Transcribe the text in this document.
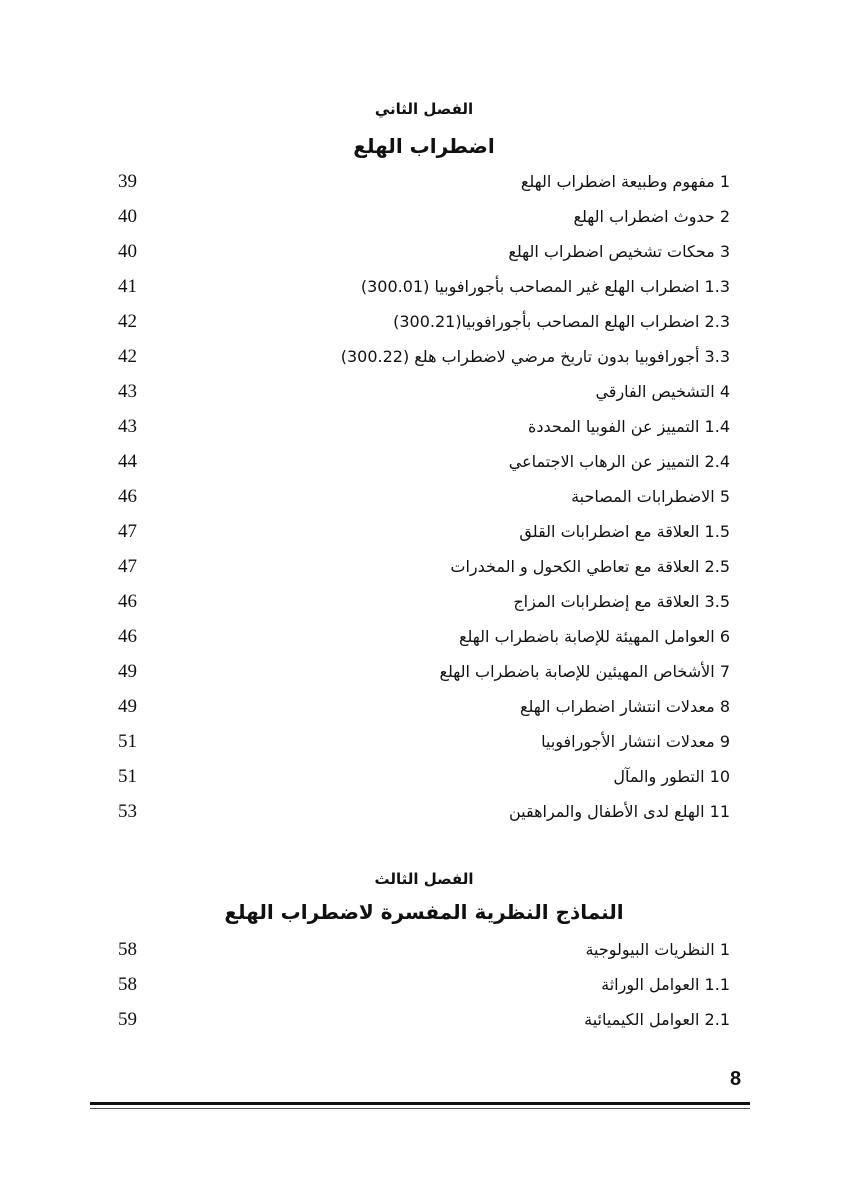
الفصل الثاني
اضطراب الهلع
1 مفهوم وطبيعة اضطراب الهلع
39
2 حدوث اضطراب الهلع
40
3 محكات تشخيص اضطراب الهلع
40
1.3 اضطراب الهلع غير المصاحب بأجورافوبيا (300.01)
41
2.3 اضطراب الهلع المصاحب بأجورافوبيا(300.21)
42
3.3 أجورافوبيا بدون تاريخ مرضي لاضطراب هلع (300.22)
42
4 التشخيص الفارقي
43
1.4 التمييز عن الفوبيا المحددة
43
2.4 التمييز عن الرهاب الاجتماعي
44
5 الاضطرابات المصاحبة
46
1.5 العلاقة مع اضطرابات القلق
47
2.5 العلاقة مع تعاطي الكحول و المخدرات
47
3.5 العلاقة مع إضطرابات المزاج
46
6 العوامل المهيئة للإصابة باضطراب الهلع
46
7 الأشخاص المهيئين للإصابة باضطراب الهلع
49
8 معدلات انتشار اضطراب الهلع
49
9 معدلات انتشار الأجورافوبيا
51
10 التطور والمآل
51
11 الهلع لدى الأطفال والمراهقين
53
الفصل الثالث
النماذج النظرية المفسرة لاضطراب الهلع
1 النظريات البيولوجية
58
1.1 العوامل الوراثة
58
2.1 العوامل الكيميائية
59
8
